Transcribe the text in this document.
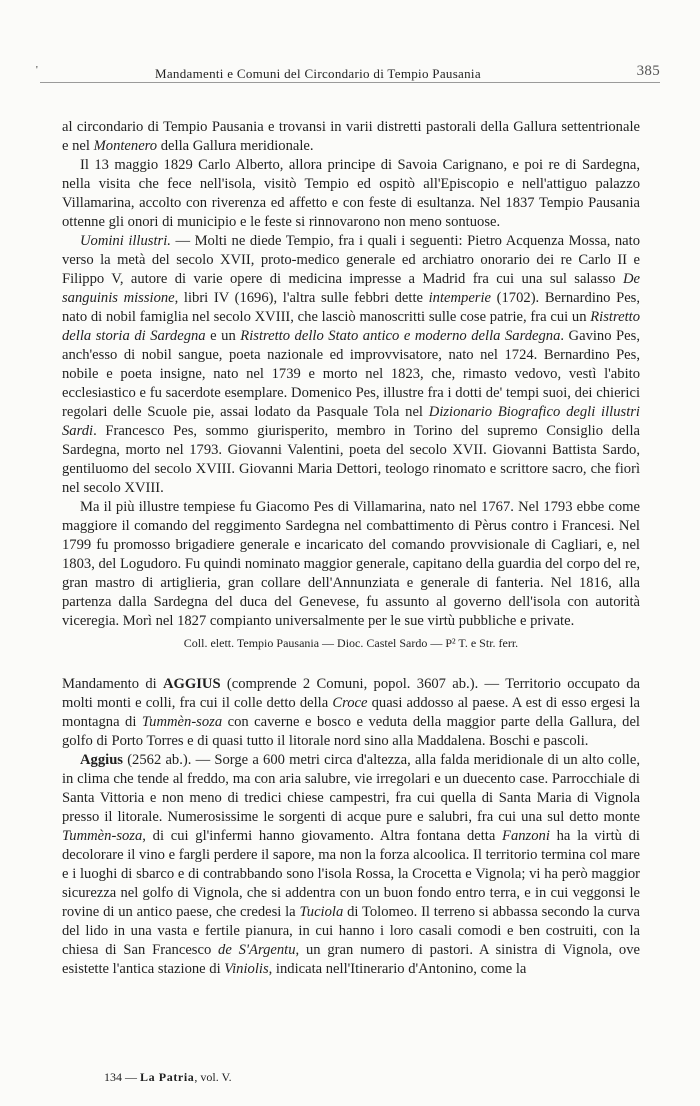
'	Mandamenti e Comuni del Circondario di Tempio Pausania	385

al circondario di Tempio Pausania e trovansi in varii distretti pastorali della Gallura settentrionale e nel Montenero della Gallura meridionale.

Il 13 maggio 1829 Carlo Alberto, allora principe di Savoia Carignano, e poi re di Sardegna, nella visita che fece nell'isola, visitò Tempio ed ospitò all'Episcopio e nell'attiguo palazzo Villamarina, accolto con riverenza ed affetto e con feste di esultanza. Nel 1837 Tempio Pausania ottenne gli onori di municipio e le feste si rinnovarono non meno sontuose.

Uomini illustri. — Molti ne diede Tempio, fra i quali i seguenti: Pietro Acquenza Mossa, nato verso la metà del secolo XVII, proto-medico generale ed archiatro onorario dei re Carlo II e Filippo V, autore di varie opere di medicina impresse a Madrid fra cui una sul salasso De sanguinis missione, libri IV (1696), l'altra sulle febbri dette intemperie (1702). Bernardino Pes, nato di nobil famiglia nel secolo XVIII, che lasciò manoscritti sulle cose patrie, fra cui un Ristretto della storia di Sardegna e un Ristretto dello Stato antico e moderno della Sardegna. Gavino Pes, anch'esso di nobil sangue, poeta nazionale ed improvvisatore, nato nel 1724. Bernardino Pes, nobile e poeta insigne, nato nel 1739 e morto nel 1823, che, rimasto vedovo, vestì l'abito ecclesiastico e fu sacerdote esemplare. Domenico Pes, illustre fra i dotti de' tempi suoi, dei chierici regolari delle Scuole pie, assai lodato da Pasquale Tola nel Dizionario Biografico degli illustri Sardi. Francesco Pes, sommo giurisperito, membro in Torino del supremo Consiglio della Sardegna, morto nel 1793. Giovanni Valentini, poeta del secolo XVII. Giovanni Battista Sardo, gentiluomo del secolo XVIII. Giovanni Maria Dettori, teologo rinomato e scrittore sacro, che fiorì nel secolo XVIII.

Ma il più illustre tempiese fu Giacomo Pes di Villamarina, nato nel 1767. Nel 1793 ebbe come maggiore il comando del reggimento Sardegna nel combattimento di Pèrus contro i Francesi. Nel 1799 fu promosso brigadiere generale e incaricato del comando provvisionale di Cagliari, e, nel 1803, del Logudoro. Fu quindi nominato maggior generale, capitano della guardia del corpo del re, gran mastro di artiglieria, gran collare dell'Annunziata e generale di fanteria. Nel 1816, alla partenza dalla Sardegna del duca del Genevese, fu assunto al governo dell'isola con autorità viceregia. Morì nel 1827 compianto universalmente per le sue virtù pubbliche e private.

Coll. elett. Tempio Pausania — Dioc. Castel Sardo — P² T. e Str. ferr.

Mandamento di AGGIUS (comprende 2 Comuni, popol. 3607 ab.). — Territorio occupato da molti monti e colli, fra cui il colle detto della Croce quasi addosso al paese. A est di esso ergesi la montagna di Tummèn-soza con caverne e bosco e veduta della maggior parte della Gallura, del golfo di Porto Torres e di quasi tutto il litorale nord sino alla Maddalena. Boschi e pascoli.

Aggius (2562 ab.). — Sorge a 600 metri circa d'altezza, alla falda meridionale di un alto colle, in clima che tende al freddo, ma con aria salubre, vie irregolari e un duecento case. Parrocchiale di Santa Vittoria e non meno di tredici chiese campestri, fra cui quella di Santa Maria di Vignola presso il litorale. Numerosissime le sorgenti di acque pure e salubri, fra cui una sul detto monte Tummèn-soza, di cui gl'infermi hanno giovamento. Altra fontana detta Fanzoni ha la virtù di decolorare il vino e fargli perdere il sapore, ma non la forza alcoolica. Il territorio termina col mare e i luoghi di sbarco e di contrabbando sono l'isola Rossa, la Crocetta e Vignola; vi ha però maggior sicurezza nel golfo di Vignola, che si addentra con un buon fondo entro terra, e in cui veggonsi le rovine di un antico paese, che credesi la Tuciola di Tolomeo. Il terreno si abbassa secondo la curva del lido in una vasta e fertile pianura, in cui hanno i loro casali comodi e ben costruiti, con la chiesa di San Francesco de S'Argentu, un gran numero di pastori. A sinistra di Vignola, ove esistette l'antica stazione di Viniolis, indicata nell'Itinerario d'Antonino, come la

134 — La Patria, vol. V.
